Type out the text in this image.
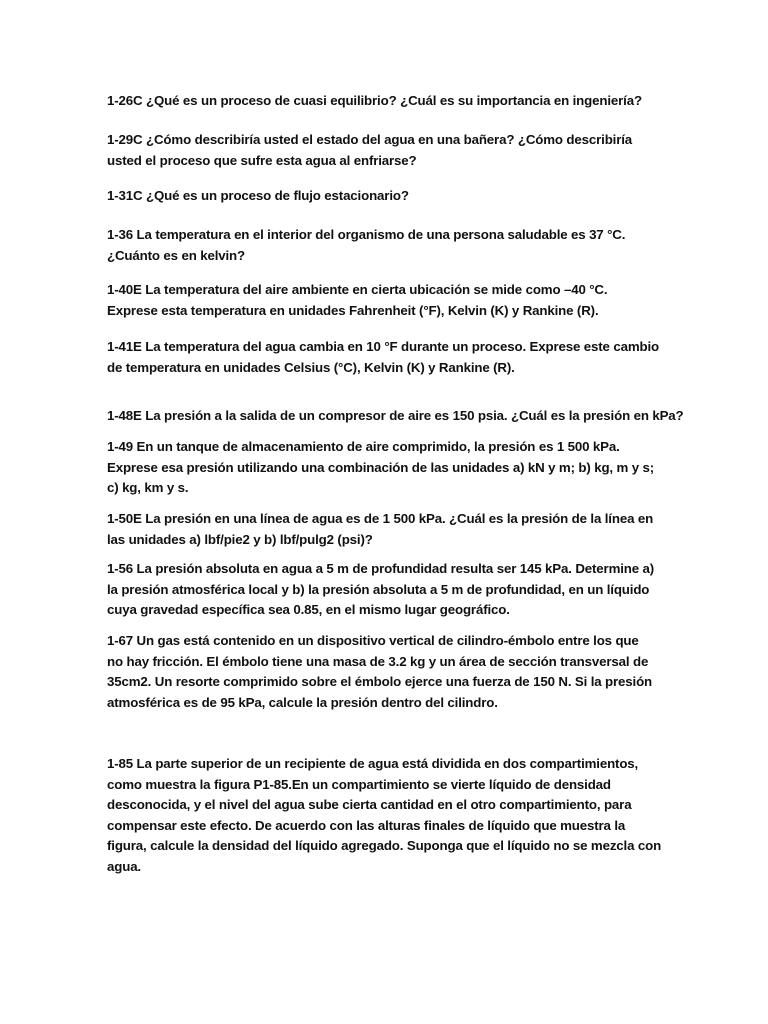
1-26C ¿Qué es un proceso de cuasi equilibrio? ¿Cuál es su importancia en ingeniería?

1-29C ¿Cómo describiría usted el estado del agua en una bañera? ¿Cómo describiría
usted el proceso que sufre esta agua al enfriarse?

1-31C ¿Qué es un proceso de flujo estacionario?

1-36 La temperatura en el interior del organismo de una persona saludable es 37 °C.
¿Cuánto es en kelvin?

1-40E La temperatura del aire ambiente en cierta ubicación se mide como –40 °C.
Exprese esta temperatura en unidades Fahrenheit (°F), Kelvin (K) y Rankine (R).

1-41E La temperatura del agua cambia en 10 °F durante un proceso. Exprese este cambio
de temperatura en unidades Celsius (°C), Kelvin (K) y Rankine (R).

1-48E La presión a la salida de un compresor de aire es 150 psia. ¿Cuál es la presión en kPa?

1-49 En un tanque de almacenamiento de aire comprimido, la presión es 1 500 kPa.
Exprese esa presión utilizando una combinación de las unidades a) kN y m; b) kg, m y s;
c) kg, km y s.

1-50E La presión en una línea de agua es de 1 500 kPa. ¿Cuál es la presión de la línea en
las unidades a) lbf/pie2 y b) lbf/pulg2 (psi)?

1-56 La presión absoluta en agua a 5 m de profundidad resulta ser 145 kPa. Determine a)
la presión atmosférica local y b) la presión absoluta a 5 m de profundidad, en un líquido
cuya gravedad específica sea 0.85, en el mismo lugar geográfico.

1-67 Un gas está contenido en un dispositivo vertical de cilindro-émbolo entre los que
no hay fricción. El émbolo tiene una masa de 3.2 kg y un área de sección transversal de
35cm2. Un resorte comprimido sobre el émbolo ejerce una fuerza de 150 N. Si la presión
atmosférica es de 95 kPa, calcule la presión dentro del cilindro.

1-85 La parte superior de un recipiente de agua está dividida en dos compartimientos,
como muestra la figura P1-85.En un compartimiento se vierte líquido de densidad
desconocida, y el nivel del agua sube cierta cantidad en el otro compartimiento, para
compensar este efecto. De acuerdo con las alturas finales de líquido que muestra la
figura, calcule la densidad del líquido agregado. Suponga que el líquido no se mezcla con
agua.
